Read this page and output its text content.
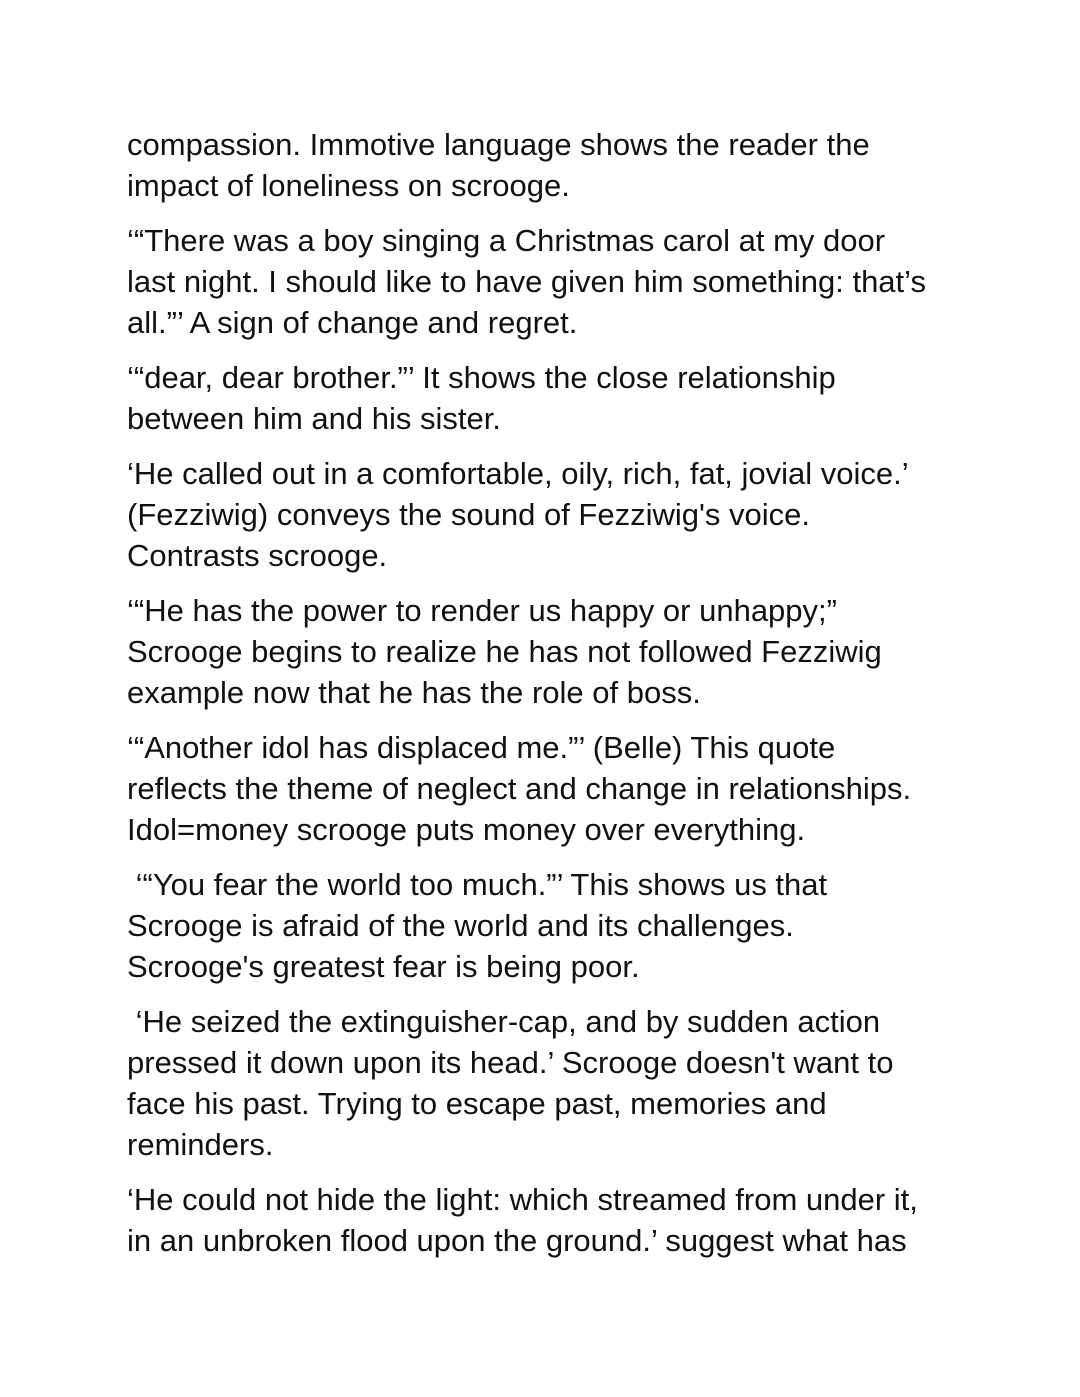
compassion. Immotive language shows the reader the
impact of loneliness on scrooge.

‘“There was a boy singing a Christmas carol at my door
last night. I should like to have given him something: that’s
all.”’ A sign of change and regret.

‘“dear, dear brother.”’ It shows the close relationship
between him and his sister.

‘He called out in a comfortable, oily, rich, fat, jovial voice.’
(Fezziwig) conveys the sound of Fezziwig's voice.
Contrasts scrooge.

‘“He has the power to render us happy or unhappy;”
Scrooge begins to realize he has not followed Fezziwig
example now that he has the role of boss.

‘“Another idol has displaced me.”’ (Belle) This quote
reflects the theme of neglect and change in relationships.
Idol=money scrooge puts money over everything.

‘“You fear the world too much.”’ This shows us that
Scrooge is afraid of the world and its challenges.
Scrooge's greatest fear is being poor.

‘He seized the extinguisher-cap, and by sudden action
pressed it down upon its head.’ Scrooge doesn't want to
face his past. Trying to escape past, memories and
reminders.

‘He could not hide the light: which streamed from under it,
in an unbroken flood upon the ground.’ suggest what has
